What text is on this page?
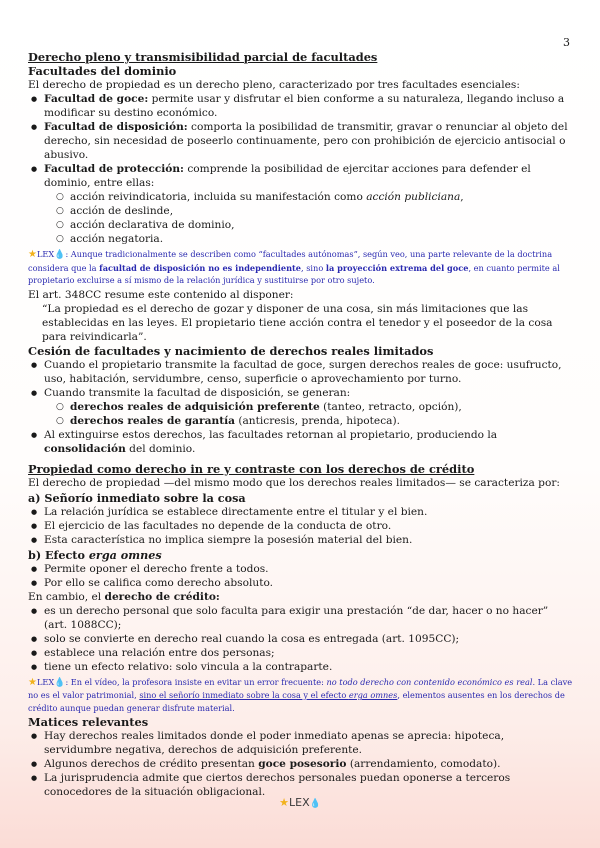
3
Derecho pleno y transmisibilidad parcial de facultades
Facultades del dominio

El derecho de propiedad es un derecho pleno, caracterizado por tres facultades esenciales:

● Facultad de goce: permite usar y disfrutar el bien conforme a su naturaleza, llegando incluso a modificar su destino económico.
● Facultad de disposición: comporta la posibilidad de transmitir, gravar o renunciar al objeto del derecho, sin necesidad de poseerlo continuamente, pero con prohibición de ejercicio antisocial o abusivo.
● Facultad de protección: comprende la posibilidad de ejercitar acciones para defender el dominio, entre ellas:
○ acción reivindicatoria, incluida su manifestación como acción publiciana,
○ acción de deslinde,
○ acción declarativa de dominio,
○ acción negatoria.
★LEX💧: Aunque tradicionalmente se describen como “facultades autónomas”, según veo, una parte relevante de la doctrina considera que la facultad de disposición no es independiente, sino la proyección extrema del goce, en cuanto permite al propietario excluirse a sí mismo de la relación jurídica y sustituirse por otro sujeto.

El art. 348CC resume este contenido al disponer:

“La propiedad es el derecho de gozar y disponer de una cosa, sin más limitaciones que las establecidas en las leyes. El propietario tiene acción contra el tenedor y el poseedor de la cosa para reivindicarla”.

Cesión de facultades y nacimiento de derechos reales limitados
● Cuando el propietario transmite la facultad de goce, surgen derechos reales de goce: usufructo, uso, habitación, servidumbre, censo, superficie o aprovechamiento por turno.
● Cuando transmite la facultad de disposición, se generan:
○ derechos reales de adquisición preferente (tanteo, retracto, opción),
○ derechos reales de garantía (anticresis, prenda, hipoteca).
● Al extinguirse estos derechos, las facultades retornan al propietario, produciendo la consolidación del dominio.
Propiedad como derecho in re y contraste con los derechos de crédito

El derecho de propiedad —del mismo modo que los derechos reales limitados— se caracteriza por:

a) Señorío inmediato sobre la cosa
● La relación jurídica se establece directamente entre el titular y el bien.
● El ejercicio de las facultades no depende de la conducta de otro.
● Esta característica no implica siempre la posesión material del bien.
b) Efecto erga omnes
● Permite oponer el derecho frente a todos.
● Por ello se califica como derecho absoluto.

En cambio, el derecho de crédito:

● es un derecho personal que solo faculta para exigir una prestación “de dar, hacer o no hacer” (art. 1088CC);
● solo se convierte en derecho real cuando la cosa es entregada (art. 1095CC);
● establece una relación entre dos personas;
● tiene un efecto relativo: solo vincula a la contraparte.
★LEX💧: En el vídeo, la profesora insiste en evitar un error frecuente: no todo derecho con contenido económico es real. La clave no es el valor patrimonial, sino el señorío inmediato sobre la cosa y el efecto erga omnes, elementos ausentes en los derechos de crédito aunque puedan generar disfrute material.
Matices relevantes
● Hay derechos reales limitados donde el poder inmediato apenas se aprecia: hipoteca, servidumbre negativa, derechos de adquisición preferente.
● Algunos derechos de crédito presentan goce posesorio (arrendamiento, comodato).
● La jurisprudencia admite que ciertos derechos personales puedan oponerse a terceros conocedores de la situación obligacional.
★LEX💧
